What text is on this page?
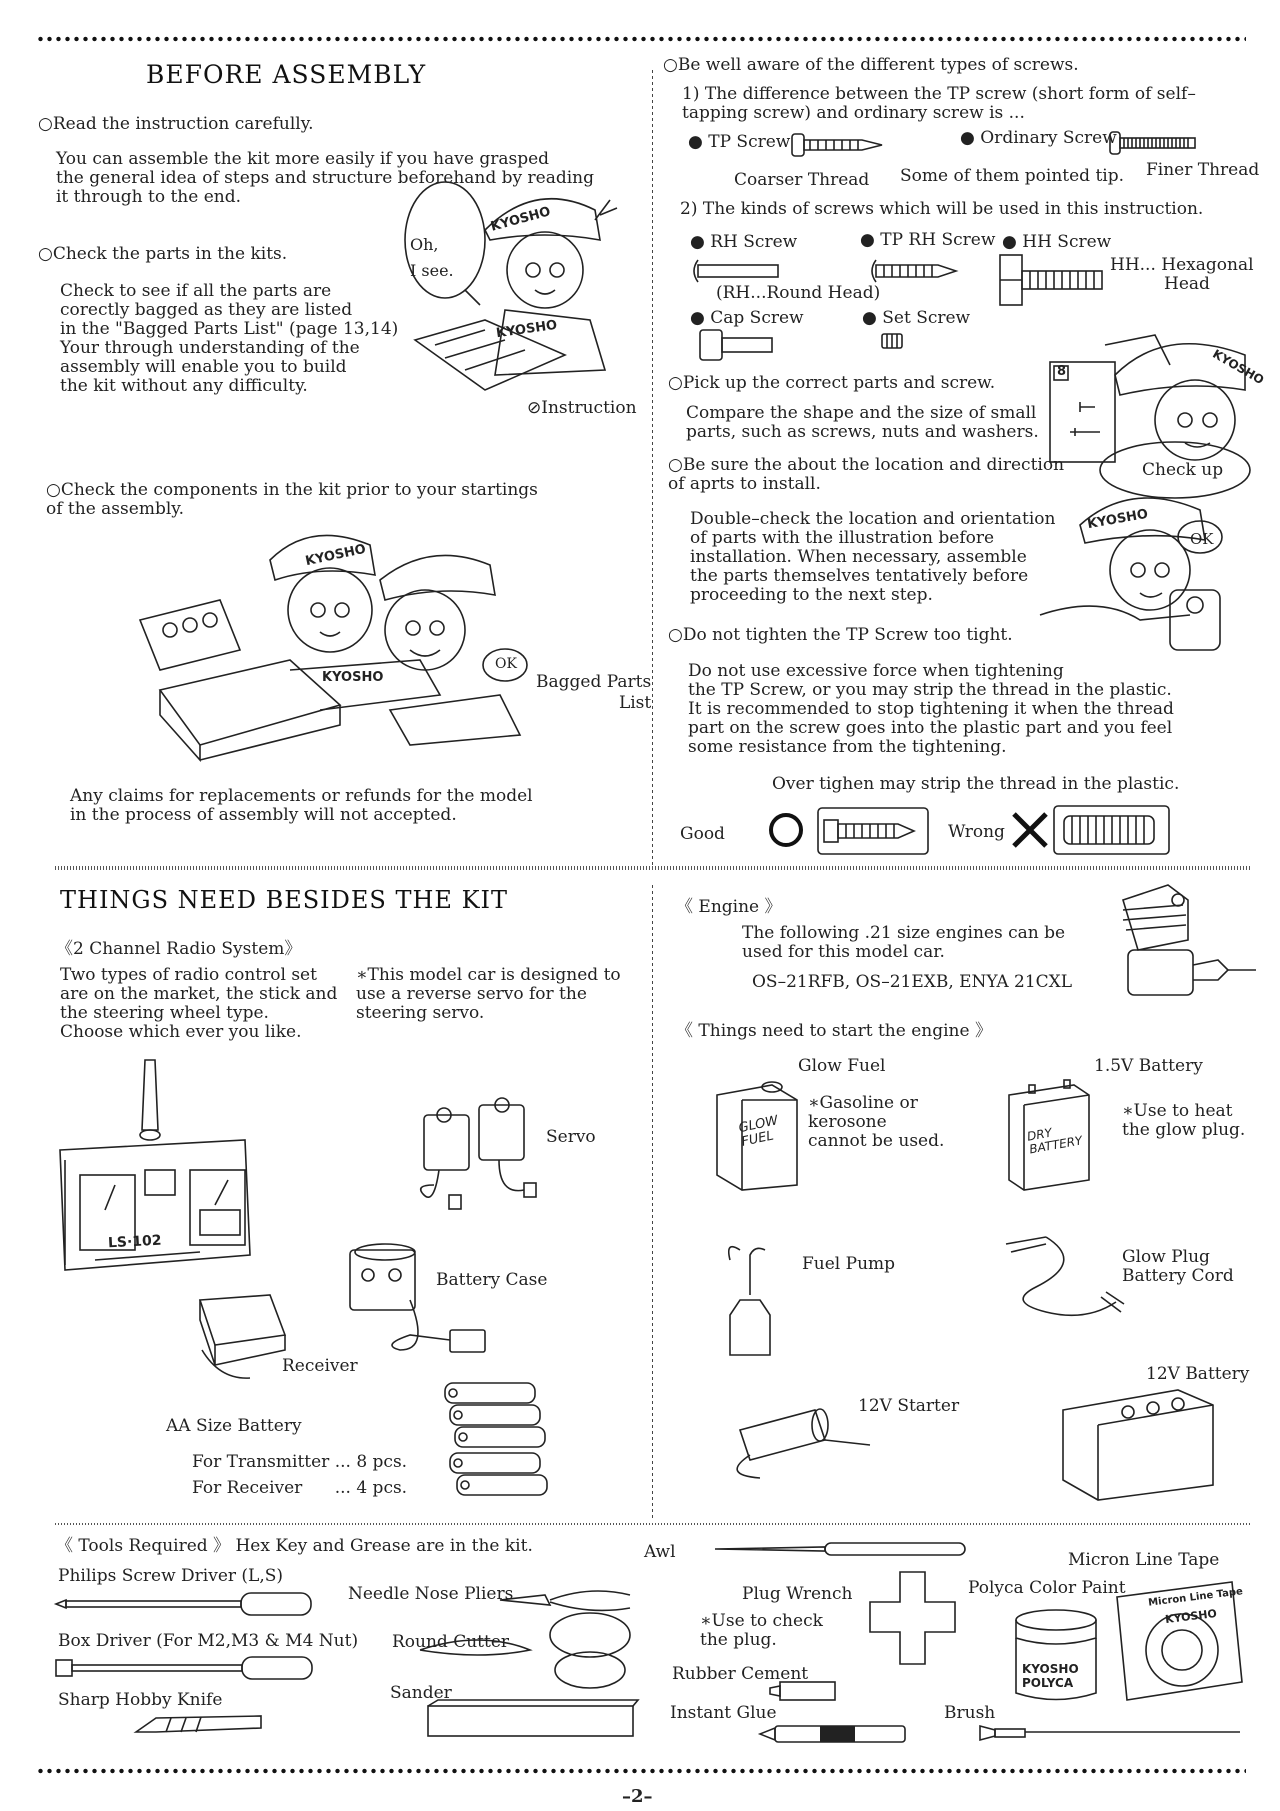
BEFORE ASSEMBLY
○Read the instruction carefully.
You can assemble the kit more easily if you have grasped
the general idea of steps and structure beforehand by reading
it through to the end.
○Check the parts in the kits.
Check to see if all the parts are
corectly bagged as they are listed
in the "Bagged Parts List" (page 13,14)
Your through understanding of the
assembly will enable you to build
the kit without any difficulty.
Oh,
I see.
KYOSHO
KYOSHO
⊘Instruction
○Check the components in the kit prior to your startings
of the assembly.
KYOSHO
KYOSHO
OK
Bagged Parts
List
Any claims for replacements or refunds for the model
in the process of assembly will not accepted.
○Be well aware of the different types of screws.
1) The difference between the TP screw (short form of self–
tapping screw) and ordinary screw is ...
● TP Screw	● Ordinary Screw
Coarser Thread Some of them pointed tip. Finer Thread
2) The kinds of screws which will be used in this instruction.
● RH Screw	● TP RH Screw ● HH Screw
(RH...Round Head)
HH... Hexagonal
Head
● Cap Screw	● Set Screw
○Pick up the correct parts and screw.
Compare the shape and the size of small
parts, such as screws, nuts and washers.
8
Check up
○Be sure the about the location and direction
of aprts to install.
Double–check the location and orientation
of parts with the illustration before
installation. When necessary, assemble
the parts themselves tentatively before
proceeding to the next step.
KYOSHO
KYOSHO
OK
○Do not tighten the TP Screw too tight.
Do not use excessive force when tightening
the TP Screw, or you may strip the thread in the plastic.
It is recommended to stop tightening it when the thread
part on the screw goes into the plastic part and you feel
some resistance from the tightening.
Over tighen may strip the thread in the plastic.
Good	Wrong
THINGS NEED BESIDES THE KIT
《2 Channel Radio System》
Two types of radio control set
are on the market, the stick and
the steering wheel type.
Choose which ever you like.
∗This model car is designed to
use a reverse servo for the
steering servo.
LS·102
Servo
Battery Case
Receiver
AA Size Battery
For Transmitter ... 8 pcs.
For Receiver      ... 4 pcs.
《 Engine 》
The following .21 size engines can be
used for this model car.
OS–21RFB, OS–21EXB, ENYA 21CXL
《 Things need to start the engine 》
Glow Fuel
GLOW
FUEL
∗Gasoline or
kerosone
cannot be used.
1.5V Battery
DRY
BATTERY
∗Use to heat
the glow plug.
Fuel Pump	Glow Plug
Battery Cord
12V Battery
12V Starter
《 Tools Required 》 Hex Key and Grease are in the kit.
Philips Screw Driver (L,S)
Needle Nose Pliers
Box Driver (For M2,M3 & M4 Nut) Round Cutter
Sharp Hobby Knife	Sander
Awl
Plug Wrench
∗Use to check
the plug.
Rubber Cement
Instant Glue	Brush
Polyca Color Paint
KYOSHO
POLYCA
Micron Line Tape
Micron Line Tape
KYOSHO
–2–
